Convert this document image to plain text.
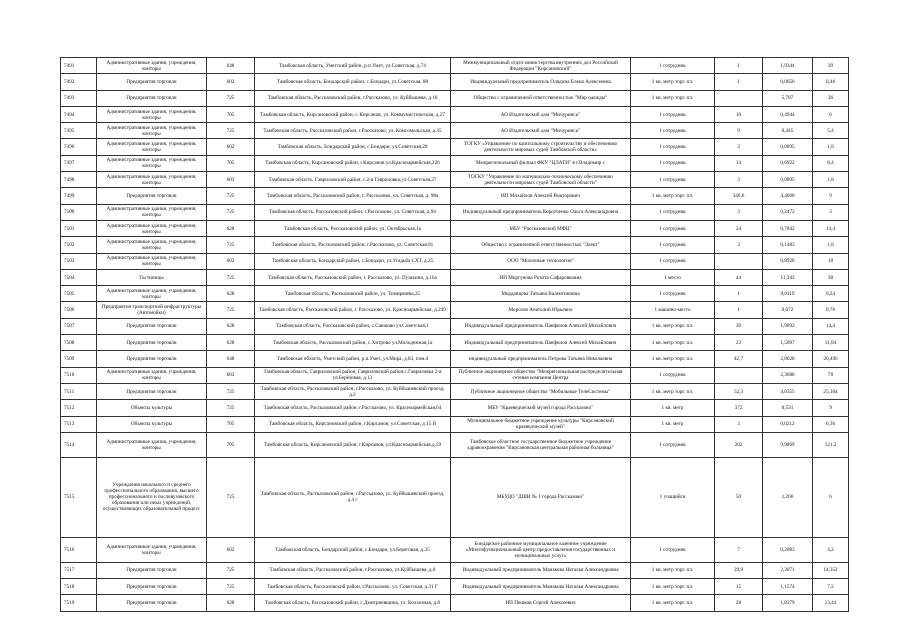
7491	Административные здания, учреждения, конторы	648	Тамбовская область, Уметский район, р.п.Умет, ул.Советская, д.74	Межмуниципальный отдел министерства внутренних дел Российской Федерации "Кирсановский"	1 сотрудник	1	1,9344	39
7492	Предприятия торговли	602	Тамбовская область, Бондарский район, с.Бондари, ул.Советская, 88	Индивидуальный предприниматель Олядина Елена Алексеевна	1 кв. метр торг. пл.	1	0,0656	0,48
7493	Предприятия торговли	725	Тамбовская область, Рассказовский район, г.Рассказово, ул. Куйбышева, д.10	Общество с ограниченной ответственностью "Мир одежды"	1 кв. метр торг. пл.		5,787	36
7494	Административные здания, учреждения, конторы	705	Тамбовская область, Кирсановский район, г. Кирсанов, ул. Коммунистическая, д.27	АО Издательский дом "Мичуринск"	1 сотрудник	10	0,4944	6
7495	Административные здания, учреждения, конторы	725	Тамбовская область, Рассказовский район, г.Рассказово, ул. Комсомольская, д.35	АО Издательский дом "Мичуринск"	1 сотрудник	9	0,445	5,4
7496	Административные здания, учреждения, конторы	602	Тамбовская область, Бондарский район, с.Бондари, ул.Советская,28	ТОГКУ «Управление по капитальному строительству и обеспечению деятельности мировых судей Тамбовской области»	1 сотрудник	3	0,0895	1,8
7497	Административные здания, учреждения, конторы	705	Тамбовская область, Кирсановский район, г.Кирсанов ул.Красноармейская,226	Межрегиональный филиал ФКУ "ЦЛАТИ" в г.Владимир с	1 сотрудник	14	0,6922	8,4
7498	Административные здания, учреждения, конторы	603	Тамбовская область, Гавриловский район, с.2-я Гавриловка,ул.Советская,27	ТОГКУ "Управление по материально-техническому обеспечению деятельности мировых судей Тамбовской области"	1 сотрудник	3	0,0895	1,8
7499	Предприятия торговли	725	Тамбовская область, Рассказовский район, г. Рассказово, ул. Советская, д. 98а	ИП Михайлов Алексей Викторович	1 кв. метр торг. пл.	346,6	4,4068	9
7500	Административные здания, учреждения, конторы	725	Тамбовская область, Рассказовский район, г.Рассказово, ул. Советская, д.94	Индивидуальный предприниматель Коротченко Ольга Александровна	1 сотрудник	3	0,2472	3
7501	Административные здания, учреждения, конторы	628	Тамбовская область, Рассказовский район, ул. Октябрьская,1а	МБУ "Рассказовский МФЦ"	1 сотрудник	24	0,7842	14,4
7502	Административные здания, учреждения, конторы	725	Тамбовская область, Рассказовский район, г.Рассказово, ул. Советская,81	Общество с ограниченной ответственностью "Элект"	1 сотрудник	3	0,1483	1,8
7503	Административные здания, учреждения, конторы	602	Тамбовская область, Бондарский район, с.Бондари, ул.Усадьба СХТ, д.25	ООО "Молочные технологии"	1 сотрудник		0,8928	18
7504	Гостиницы	725	Тамбовская область, Рассказовский район, г. Рассказово, ул. Пушкина, д.16а	ИП Моргунова Розита Сафаровковна	1 место	44	11,343	38
7505	Административные здания, учреждения, конторы	628	Тамбовская область, Рассказовский район, ул. Тимирязева,25	Мордовцева Татьяна Валентиновна	1 сотрудник	1	0,0119	0,24
7506	Предприятия транспортной инфраструктуры (Автомойки)	725	Тамбовская область, Рассказовский район, г. Рассказово, ул. Красноармейская, д.249	Морозов Анатолий Юрьевич	1 машино-место	1	0,072	0,76
7507	Предприятия торговли	628	Тамбовская область, Рассказовский район, с.Саюково ул.Советская,1	Индивидуальный предприниматель Панфилов Алексей Михайлович	1 кв. метр торг. пл.	30	1,9692	14,4
7508	Предприятия торговли	628	Тамбовская область, Рассказовский район, с.Хитрово ул.Молодежная,1а	Индивидуальный предприниматель Панфилов Алексей Михайлович	1 кв. метр торг. пл.	23	1,5097	11,04
7509	Предприятия торговли	648	Тамбовская область, Уметский район, р.п.Умет, ул.Мира, д.83, пом.4	индивидуальный предприниматель Петрова Татьяна Николаевна	1 кв. метр торг. пл.	42,7	2,8028	20,496
7510	Административные здания, учреждения, конторы	603	Тамбовская область, Гавриловский район, Гавриловский район,с.Гавриловка 2-я ул.Берёзовая, д.13	Публичное акционерное общество "Межрегиональная распределительная сетевая компания Центра	1 сотрудник		2,3688	78
7511	Предприятия торговли	725	Тамбовская область, Рассказовский район, г.Рассказово, ул. Куйбышевский проезд, д.2	Публичное акционерное общество "Мобильные ТелеСистемы"	1 кв. метр торг. пл.	52,3	4,0355	25,104
7512	Объекты культуры	725	Тамбовская область, Рассказовский район, г.Рассказово, ул. Красноармейская,64	МБУ "Краеведческий музей города Рассказово"	1 кв. метр	372	0,531	9
7513	Объекты культуры	705	Тамбовская область, Кирсановский район, г.Кирсанов, ул.Советская, д.15 В	Муниципальное бюджетное учреждение культуры "Кирсановский краеведческий музей"	1 кв. метр	3	0,0212	0,36
7514	Административные здания, учреждения, конторы	705	Тамбовская область, Кирсановский район, г.Кирсанов, ул.Красноармейская,д.59	Тамбовское областное государственное бюджетное учреждение здравоохранения "Кирсановская центральная районная больница"	1 сотрудник	202	9,9869	121,2
7515	Учреждения начального и среднего профессионального образования, высшего профессионального и послевузовского образования или иных учреждений, осуществляющих образовательный процесс	725	Тамбовская область, Рассказовский район, г.Рассказово, ул. Куйбышевский проезд, д.4 г	МБУДО "ДШИ № 1 города Рассказово"	1 учащийся	50	1,266	6
7516	Административные здания, учреждения, конторы	602	Тамбовская область, Бондарский район, с.Бондари, ул.Береговая, д.35	Бондарское районное муниципальное казенное учреждение «Многофункциональный центр предоставления государственных и муниципальных услуг»	1 сотрудник	7	0,2083	4,2
7517	Предприятия торговли	725	Тамбовская область, Рассказовский район, г.Рассказово, ул.Куйбышева, д.8	Индивидуальный предприниматель Манакова Наталья Александровна	1 кв. метр торг. пл.	29,9	2,3071	14,352
7518	Предприятия торговли	725	Тамбовская область, Рассказовский район, г.Рассказово, ул. Советская, д.31 Г	Индивидуальный предприниматель Манакова Наталья Александровна	1 кв. метр торг. пл.	15	1,1574	7,2
7519	Предприятия торговли	628	Тамбовская область, Рассказовский район, с.Дмитриевщина, ул. Колхозная, д.8	ИП Пешков Сергей Алексеевич	1 кв. метр торг. пл.	28	1,8379	13,44
